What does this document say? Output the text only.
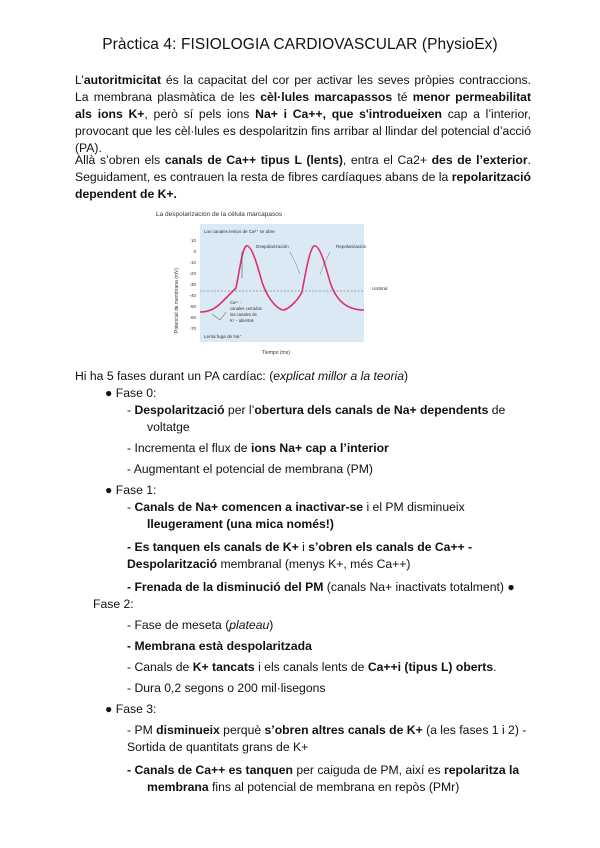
Pràctica 4: FISIOLOGIA CARDIOVASCULAR (PhysioEx)
L’autoritmicitat és la capacitat del cor per activar les seves pròpies contraccions. La membrana plasmàtica de les cèl·lules marcapassos té menor permeabilitat als ions K+, però sí pels ions Na+ i Ca++, que s'introdueixen cap a l’interior, provocant que les cèl·lules es despolaritzin fins arribar al llindar del potencial d’acció (PA).
Allà s’obren els canals de Ca++ tipus L (lents), entra el Ca2+ des de l’exterior. Seguidament, es contrauen la resta de fibres cardíaques abans de la repolarització dependent de K+.
La despolarización de la célula marcapasos
Los canales lentos de Ca²⁺ se abre
Potencial de membrana (mV)
Tiempo (ms)
10
0
-10
-20
-30
-40
-50
-60
-70
Umbral
Despolarización	Repolarización
Ca²⁺ -
canales cerrados
los canales de
K⁺ - abiertos
Lenta fuga de Na⁺
Hi ha 5 fases durant un PA cardíac: (explicat millor a la teoria)
● Fase 0:
- Despolarització per l’obertura dels canals de Na+ dependents de
voltatge
- Incrementa el flux de ions Na+ cap a l’interior
- Augmentant el potencial de membrana (PM)
● Fase 1:
- Canals de Na+ comencen a inactivar-se i el PM disminueix
lleugerament (una mica només!)
- Es tanquen els canals de K+ i s’obren els canals de Ca++ -
Despolarització membranal (menys K+, més Ca++)
- Frenada de la disminució del PM (canals Na+ inactivats totalment) ●
Fase 2:
- Fase de meseta (plateau)
- Membrana està despolaritzada
- Canals de K+ tancats i els canals lents de Ca++i (tipus L) oberts.
- Dura 0,2 segons o 200 mil·lisegons
● Fase 3:
- PM disminueix perquè s’obren altres canals de K+ (a les fases 1 i 2) -
Sortida de quantitats grans de K+
- Canals de Ca++ es tanquen per caiguda de PM, així es repolaritza la
membrana fins al potencial de membrana en repòs (PMr)
